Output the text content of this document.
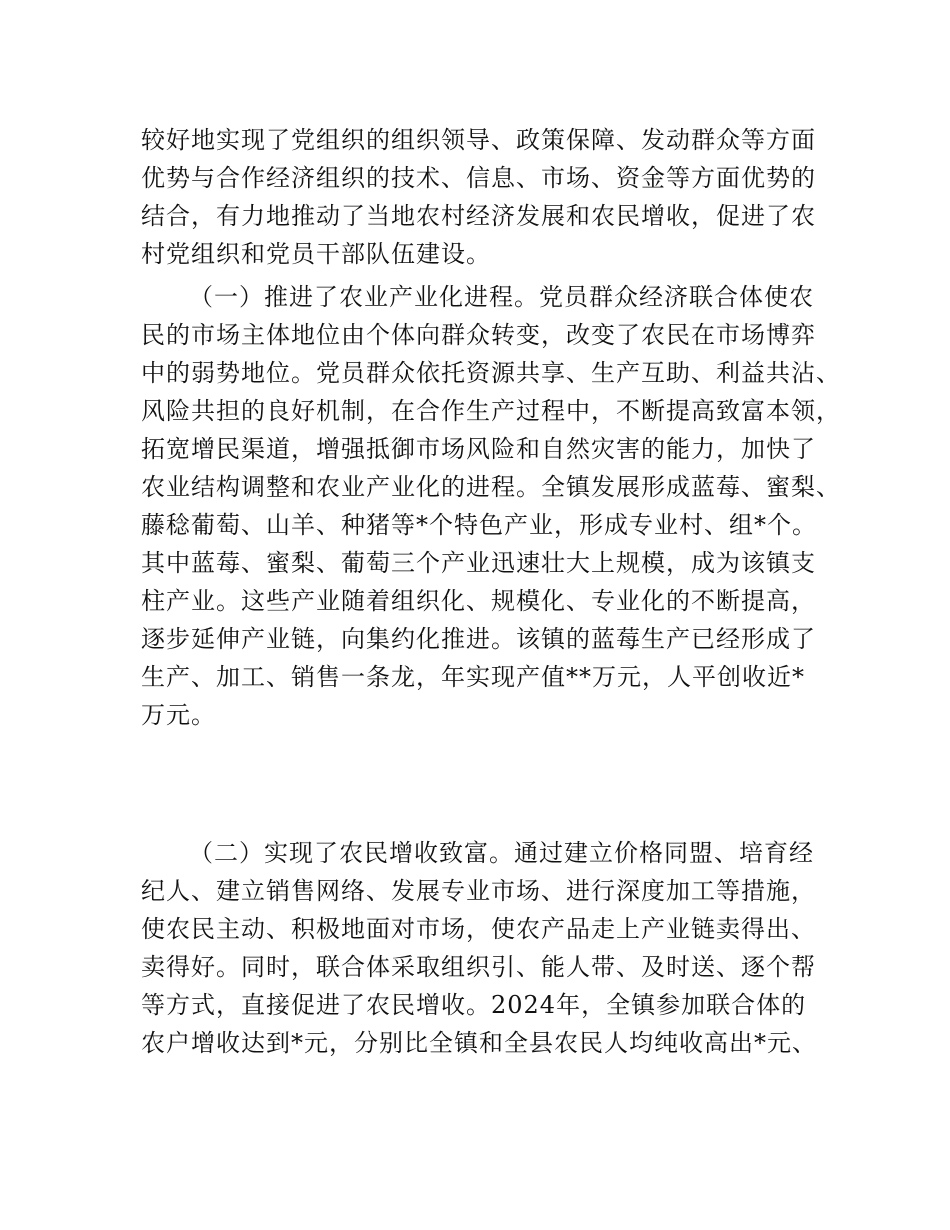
较好地实现了党组织的组织领导、政策保障、发动群众等方面
优势与合作经济组织的技术、信息、市场、资金等方面优势的
结合，有力地推动了当地农村经济发展和农民增收，促进了农
村党组织和党员干部队伍建设。
（一）推进了农业产业化进程。党员群众经济联合体使农
民的市场主体地位由个体向群众转变，改变了农民在市场博弈
中的弱势地位。党员群众依托资源共享、生产互助、利益共沾、
风险共担的良好机制，在合作生产过程中，不断提高致富本领，
拓宽增民渠道，增强抵御市场风险和自然灾害的能力，加快了
农业结构调整和农业产业化的进程。全镇发展形成蓝莓、蜜梨、
藤稔葡萄、山羊、种猪等*个特色产业，形成专业村、组*个。
其中蓝莓、蜜梨、葡萄三个产业迅速壮大上规模，成为该镇支
柱产业。这些产业随着组织化、规模化、专业化的不断提高，
逐步延伸产业链，向集约化推进。该镇的蓝莓生产已经形成了
生产、加工、销售一条龙，年实现产值**万元，人平创收近*
万元。
（二）实现了农民增收致富。通过建立价格同盟、培育经
纪人、建立销售网络、发展专业市场、进行深度加工等措施，
使农民主动、积极地面对市场，使农产品走上产业链卖得出、
卖得好。同时，联合体采取组织引、能人带、及时送、逐个帮
等方式，直接促进了农民增收。2024年，全镇参加联合体的
农户增收达到*元，分别比全镇和全县农民人均纯收高出*元、
